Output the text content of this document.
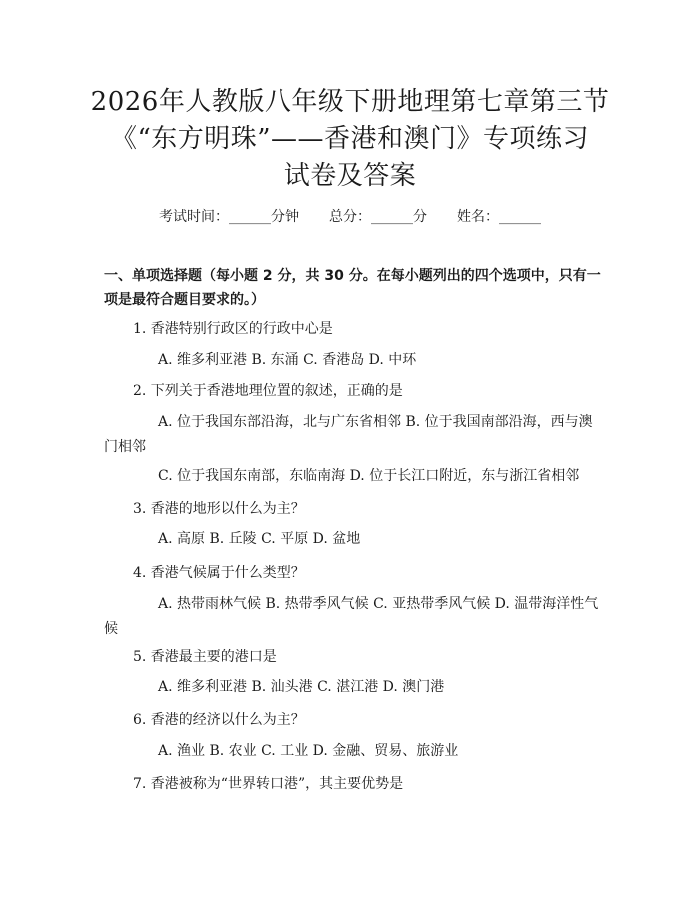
2026年人教版八年级下册地理第七章第三节
《“东方明珠”——香港和澳门》专项练习
试卷及答案
考试时间：______分钟 总分：______分 姓名：______
一、单项选择题（每小题 2 分，共 30 分。在每小题列出的四个选项中，只有一项是最符合题目要求的。）
1. 香港特别行政区的行政中心是
A. 维多利亚港 B. 东涌 C. 香港岛 D. 中环
2. 下列关于香港地理位置的叙述，正确的是
A. 位于我国东部沿海，北与广东省相邻 B. 位于我国南部沿海，西与澳门相邻
C. 位于我国东南部，东临南海 D. 位于长江口附近，东与浙江省相邻
3. 香港的地形以什么为主？
A. 高原 B. 丘陵 C. 平原 D. 盆地
4. 香港气候属于什么类型？
A. 热带雨林气候 B. 热带季风气候 C. 亚热带季风气候 D. 温带海洋性气候
5. 香港最主要的港口是
A. 维多利亚港 B. 汕头港 C. 湛江港 D. 澳门港
6. 香港的经济以什么为主？
A. 渔业 B. 农业 C. 工业 D. 金融、贸易、旅游业
7. 香港被称为“世界转口港”，其主要优势是
